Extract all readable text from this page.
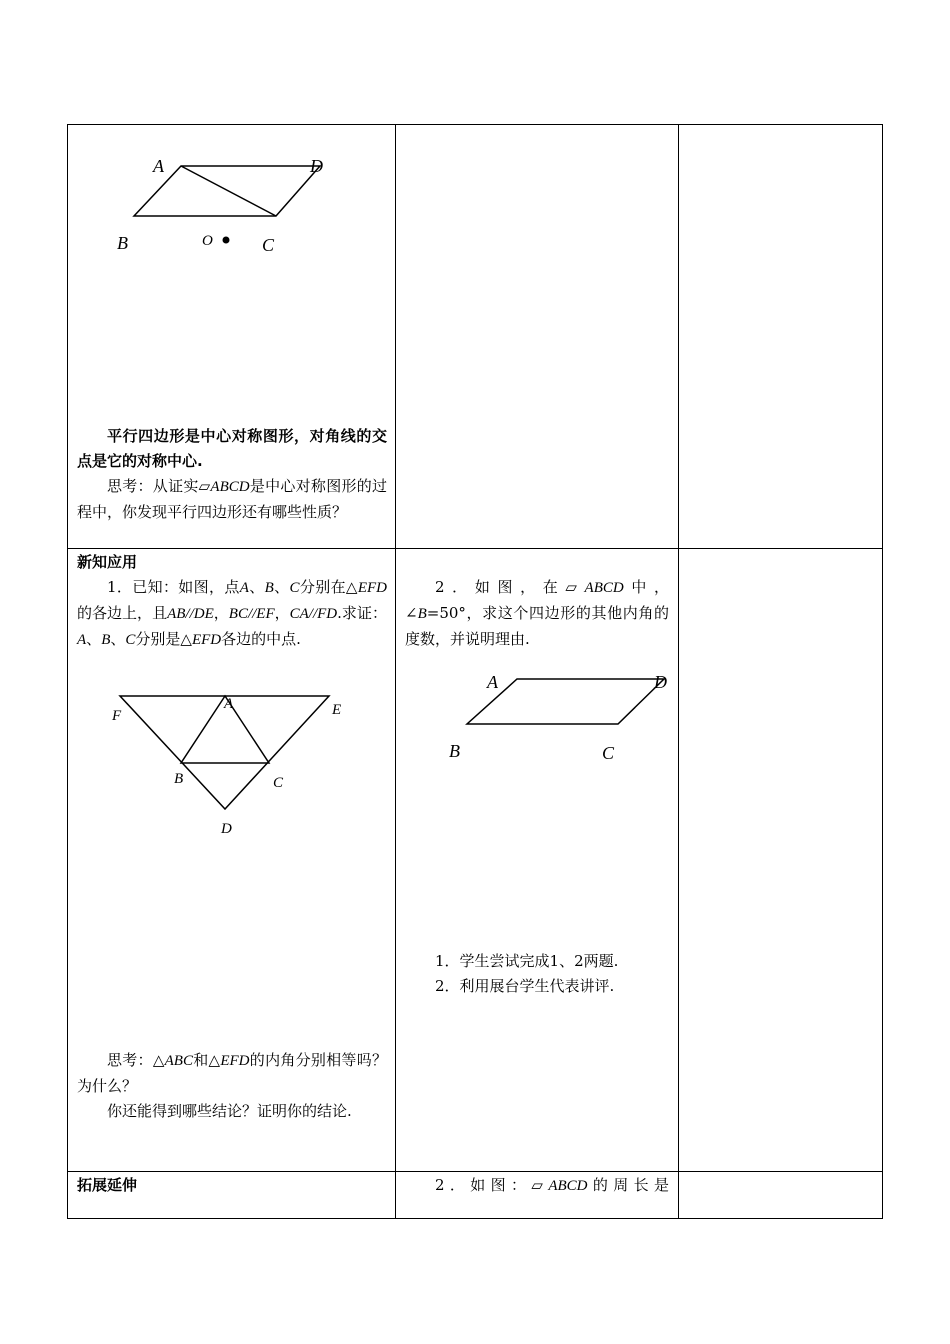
A	D
B	O	C
平行四边形是中心对称图形，对角线的交点是它的对称中心.
思考：从证实▱ABCD是中心对称图形的过程中，你发现平行四边形还有哪些性质？
新知应用
1．已知：如图，点A、B、C分别在△EFD的各边上，且AB//DE，BC//EF，CA//FD.求证：A、B、C分别是△EFD各边的中点.
F
A	E
B	C
D
思考：△ABC和△EFD的内角分别相等吗？为什么？
你还能得到哪些结论？证明你的结论.
2．如图，在▱ABCD中，∠B=50°，求这个四边形的其他内角的度数，并说明理由.
A	D
B	C
1．学生尝试完成1、2两题.
2．利用展台学生代表讲评.
拓展延伸	2．如图：▱ABCD的周长是
